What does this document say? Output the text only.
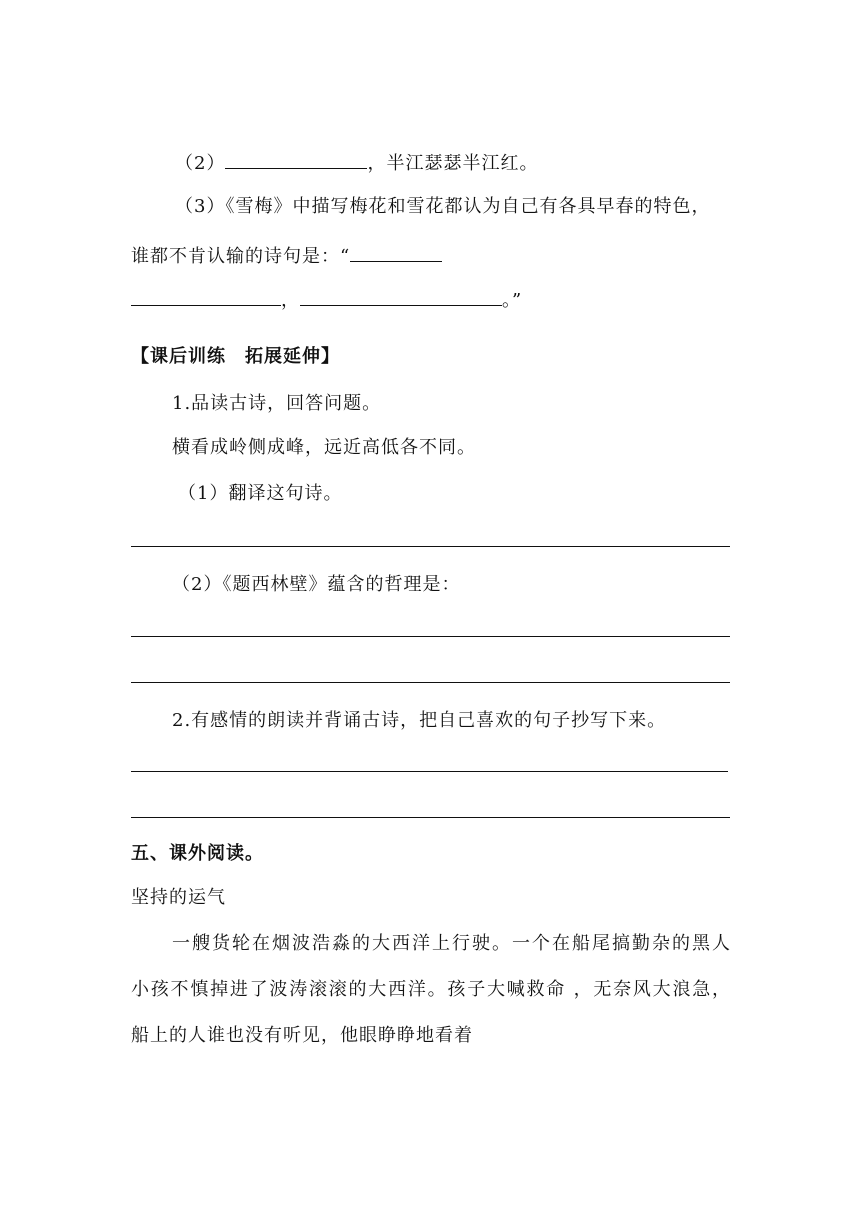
（2）	，半江瑟瑟半江红。
（3）《雪梅》中描写梅花和雪花都认为自己有各具早春的特色，
谁都不肯认输的诗句是：“
，	。”
【课后训练　拓展延伸】
1.品读古诗，回答问题。
横看成岭侧成峰，远近高低各不同。
（1）翻译这句诗。
（2）《题西林壁》蕴含的哲理是：
2.有感情的朗读并背诵古诗，把自己喜欢的句子抄写下来。
五、课外阅读。
坚持的运气
一艘货轮在烟波浩淼的大西洋上行驶。一个在船尾搞勤杂的黑人
小孩不慎掉进了波涛滚滚的大西洋。孩子大喊救命 ，无奈风大浪急，
船上的人谁也没有听见，他眼睁睁地看着
